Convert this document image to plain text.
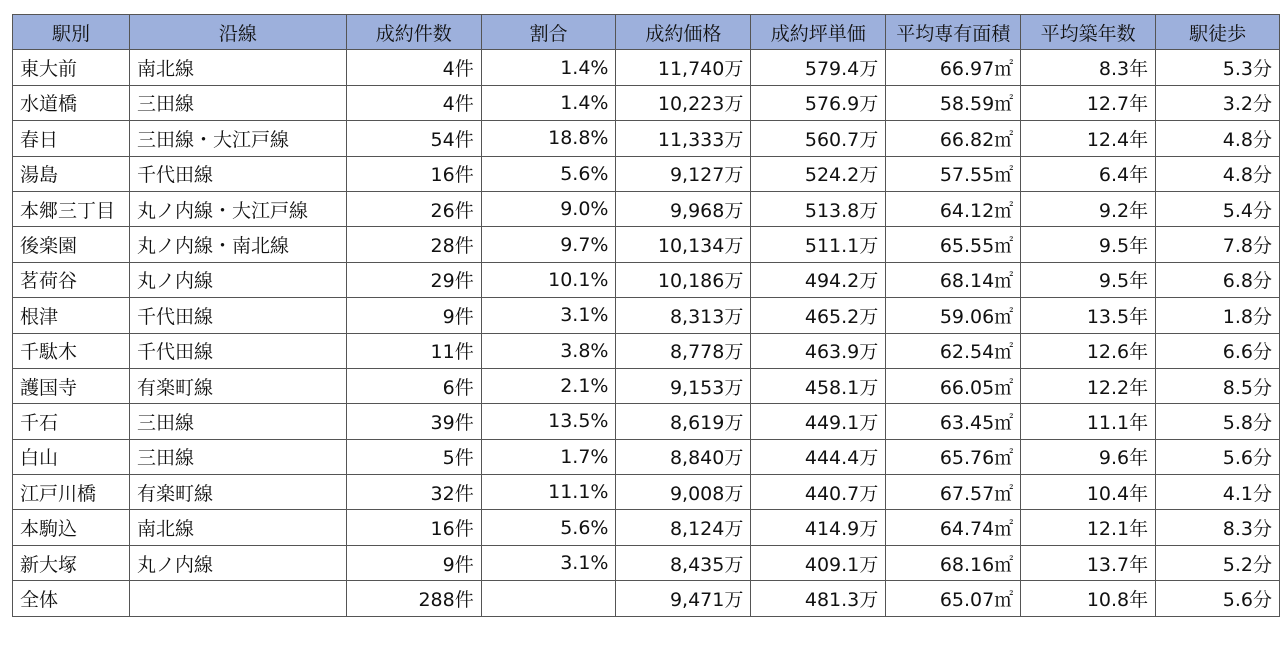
駅別	沿線	成約件数	割合	成約価格	成約坪単価	平均専有面積	平均築年数	駅徒歩
東大前	南北線	4件	1.4%	11,740万	579.4万	66.97㎡	8.3年	5.3分
水道橋	三田線	4件	1.4%	10,223万	576.9万	58.59㎡	12.7年	3.2分
春日	三田線・大江戸線	54件	18.8%	11,333万	560.7万	66.82㎡	12.4年	4.8分
湯島	千代田線	16件	5.6%	9,127万	524.2万	57.55㎡	6.4年	4.8分
本郷三丁目	丸ノ内線・大江戸線	26件	9.0%	9,968万	513.8万	64.12㎡	9.2年	5.4分
後楽園	丸ノ内線・南北線	28件	9.7%	10,134万	511.1万	65.55㎡	9.5年	7.8分
茗荷谷	丸ノ内線	29件	10.1%	10,186万	494.2万	68.14㎡	9.5年	6.8分
根津	千代田線	9件	3.1%	8,313万	465.2万	59.06㎡	13.5年	1.8分
千駄木	千代田線	11件	3.8%	8,778万	463.9万	62.54㎡	12.6年	6.6分
護国寺	有楽町線	6件	2.1%	9,153万	458.1万	66.05㎡	12.2年	8.5分
千石	三田線	39件	13.5%	8,619万	449.1万	63.45㎡	11.1年	5.8分
白山	三田線	5件	1.7%	8,840万	444.4万	65.76㎡	9.6年	5.6分
江戸川橋	有楽町線	32件	11.1%	9,008万	440.7万	67.57㎡	10.4年	4.1分
本駒込	南北線	16件	5.6%	8,124万	414.9万	64.74㎡	12.1年	8.3分
新大塚	丸ノ内線	9件	3.1%	8,435万	409.1万	68.16㎡	13.7年	5.2分
全体		288件		9,471万	481.3万	65.07㎡	10.8年	5.6分
